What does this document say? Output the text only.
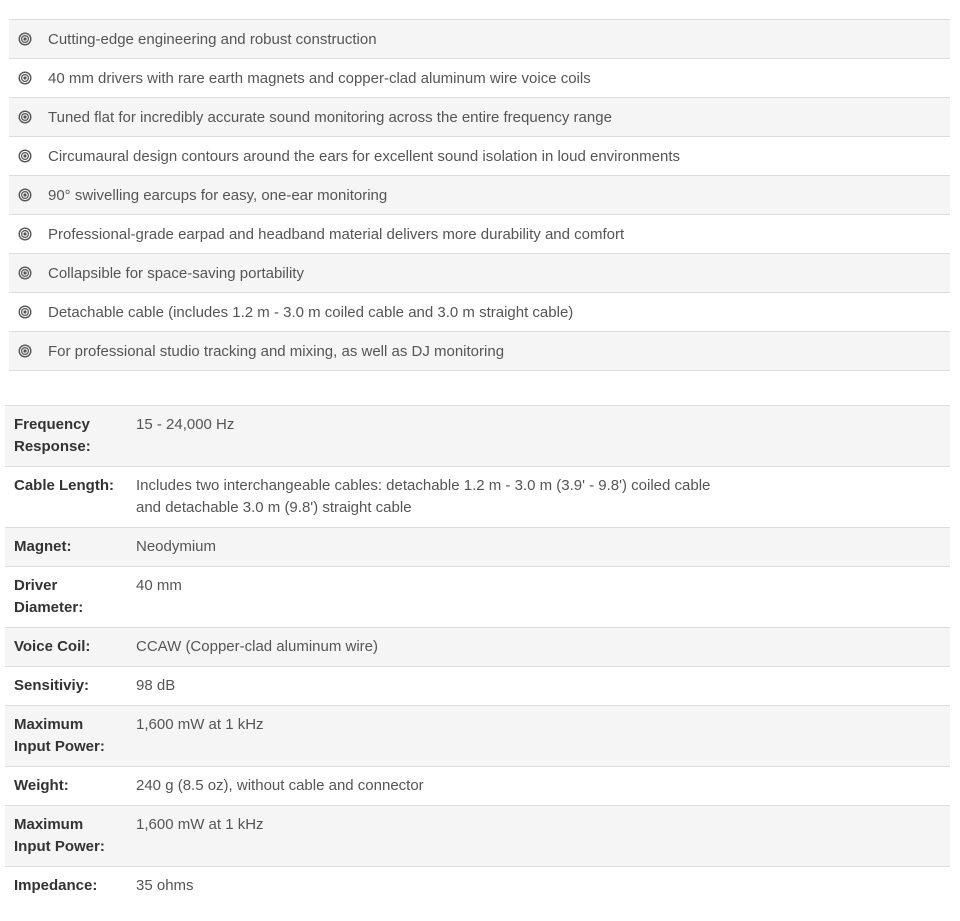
Cutting-edge engineering and robust construction
40 mm drivers with rare earth magnets and copper-clad aluminum wire voice coils
Tuned flat for incredibly accurate sound monitoring across the entire frequency range
Circumaural design contours around the ears for excellent sound isolation in loud environments
90° swivelling earcups for easy, one-ear monitoring
Professional-grade earpad and headband material delivers more durability and comfort
Collapsible for space-saving portability
Detachable cable (includes 1.2 m - 3.0 m coiled cable and 3.0 m straight cable)
For professional studio tracking and mixing, as well as DJ monitoring
Frequency Response:	15 - 24,000 Hz

Cable Length:	Includes two interchangeable cables: detachable 1.2 m - 3.0 m (3.9' - 9.8') coiled cable and detachable 3.0 m (9.8') straight cable

Magnet:	Neodymium

Driver Diameter:	40 mm

Voice Coil:	CCAW (Copper-clad aluminum wire)

Sensitiviy:	98 dB

Maximum Input Power:	1,600 mW at 1 kHz

Weight:	240 g (8.5 oz), without cable and connector

Maximum Input Power:	1,600 mW at 1 kHz

Impedance:	35 ohms
